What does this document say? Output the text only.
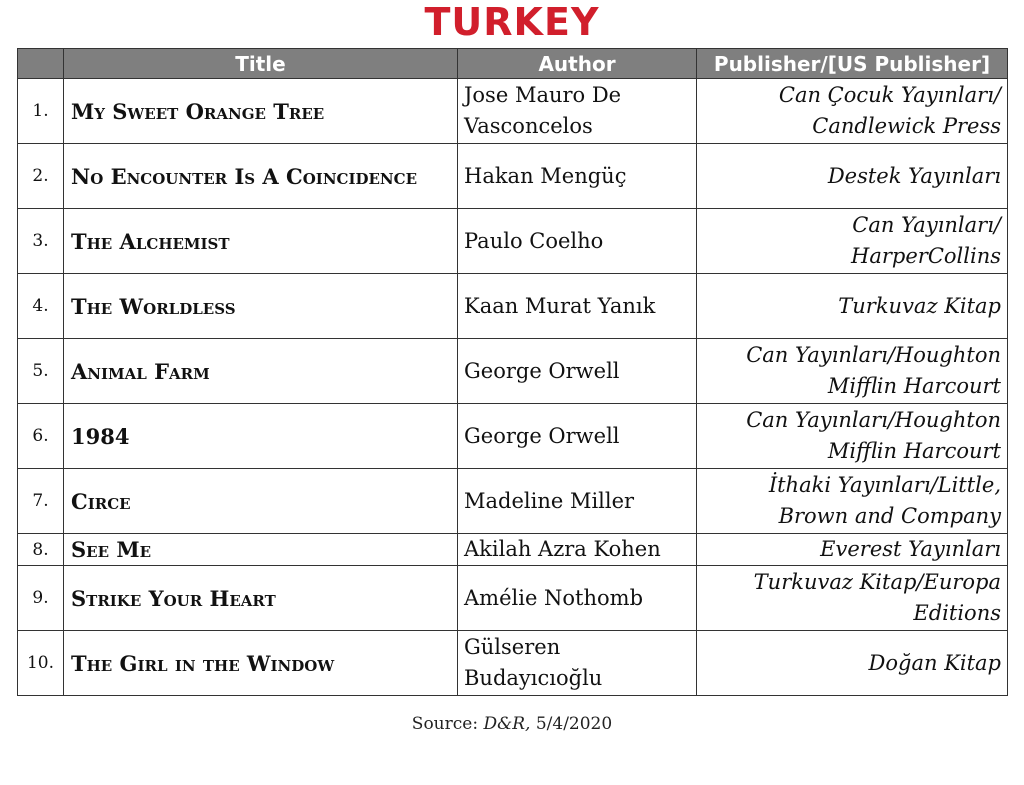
TURKEY
	Title	Author	Publisher/[US Publisher]
1.	My Sweet Orange Tree	Jose Mauro De Vasconcelos	Can Çocuk Yayınları/ Candlewick Press
2.	No Encounter Is A Coincidence	Hakan Mengüç	Destek Yayınları
3.	The Alchemist	Paulo Coelho	Can Yayınları/ HarperCollins
4.	The Worldless	Kaan Murat Yanık	Turkuvaz Kitap
5.	Animal Farm	George Orwell	Can Yayınları/Houghton Mifflin Harcourt
6.	1984	George Orwell	Can Yayınları/Houghton Mifflin Harcourt
7.	Circe	Madeline Miller	İthaki Yayınları/Little, Brown and Company
8.	See Me	Akilah Azra Kohen	Everest Yayınları
9.	Strike Your Heart	Amélie Nothomb	Turkuvaz Kitap/Europa Editions
10.	The Girl in the Window	Gülseren Budayıcıoğlu	Doğan Kitap
Source: D&R, 5/4/2020
